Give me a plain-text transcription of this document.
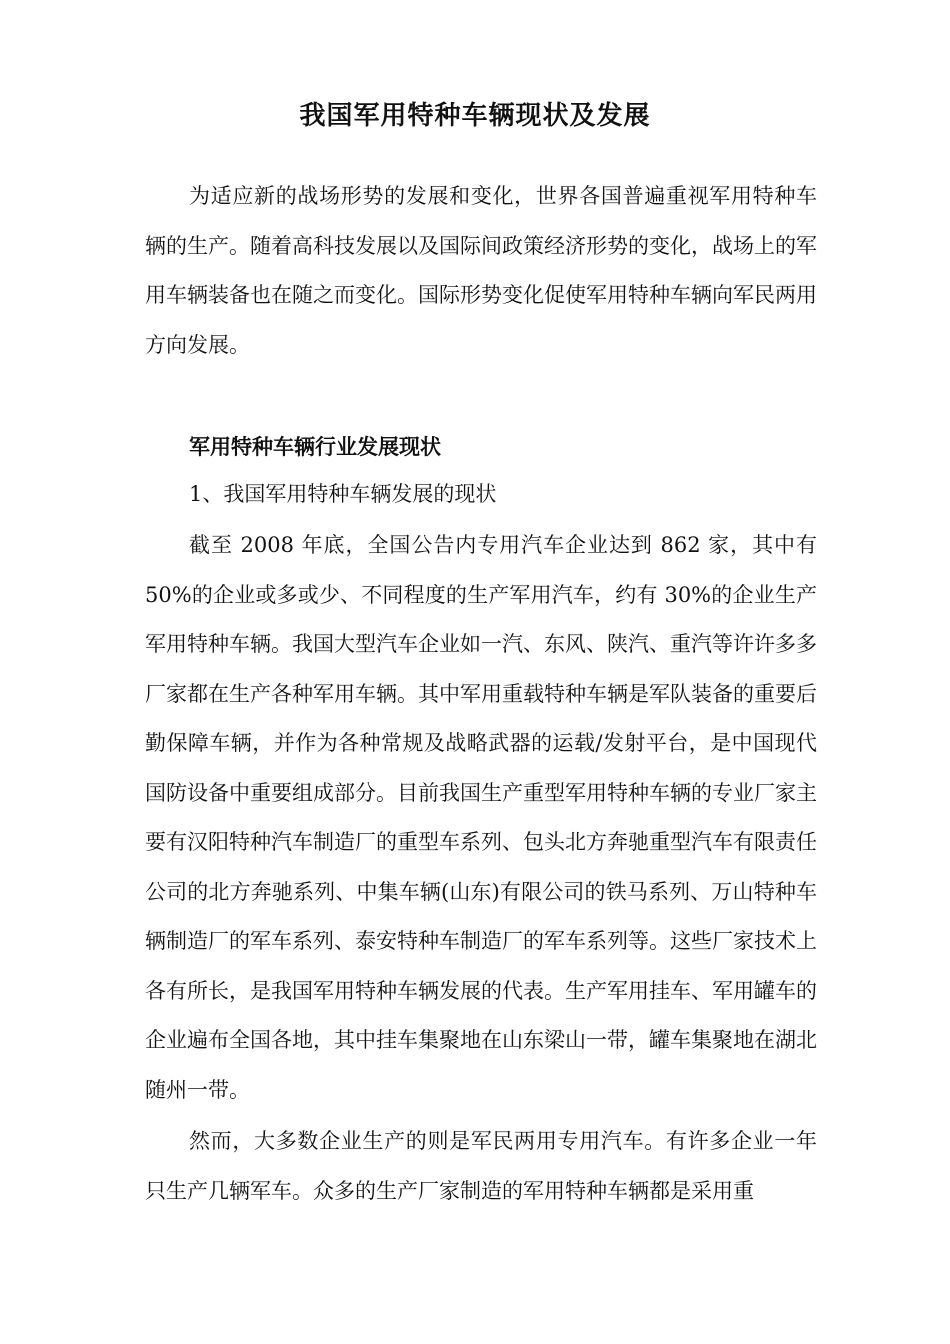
我国军用特种车辆现状及发展

为适应新的战场形势的发展和变化，世界各国普遍重视军用特种车辆的生产。随着高科技发展以及国际间政策经济形势的变化，战场上的军用车辆装备也在随之而变化。国际形势变化促使军用特种车辆向军民两用方向发展。

军用特种车辆行业发展现状
1、我国军用特种车辆发展的现状

截至 2008 年底，全国公告内专用汽车企业达到 862 家，其中有 50%的企业或多或少、不同程度的生产军用汽车，约有 30%的企业生产军用特种车辆。我国大型汽车企业如一汽、东风、陕汽、重汽等许许多多厂家都在生产各种军用车辆。其中军用重载特种车辆是军队装备的重要后勤保障车辆，并作为各种常规及战略武器的运载/发射平台，是中国现代国防设备中重要组成部分。目前我国生产重型军用特种车辆的专业厂家主要有汉阳特种汽车制造厂的重型车系列、包头北方奔驰重型汽车有限责任公司的北方奔驰系列、中集车辆(山东)有限公司的铁马系列、万山特种车辆制造厂的军车系列、泰安特种车制造厂的军车系列等。这些厂家技术上各有所长，是我国军用特种车辆发展的代表。生产军用挂车、军用罐车的企业遍布全国各地，其中挂车集聚地在山东梁山一带，罐车集聚地在湖北随州一带。

然而，大多数企业生产的则是军民两用专用汽车。有许多企业一年只生产几辆军车。众多的生产厂家制造的军用特种车辆都是采用重
